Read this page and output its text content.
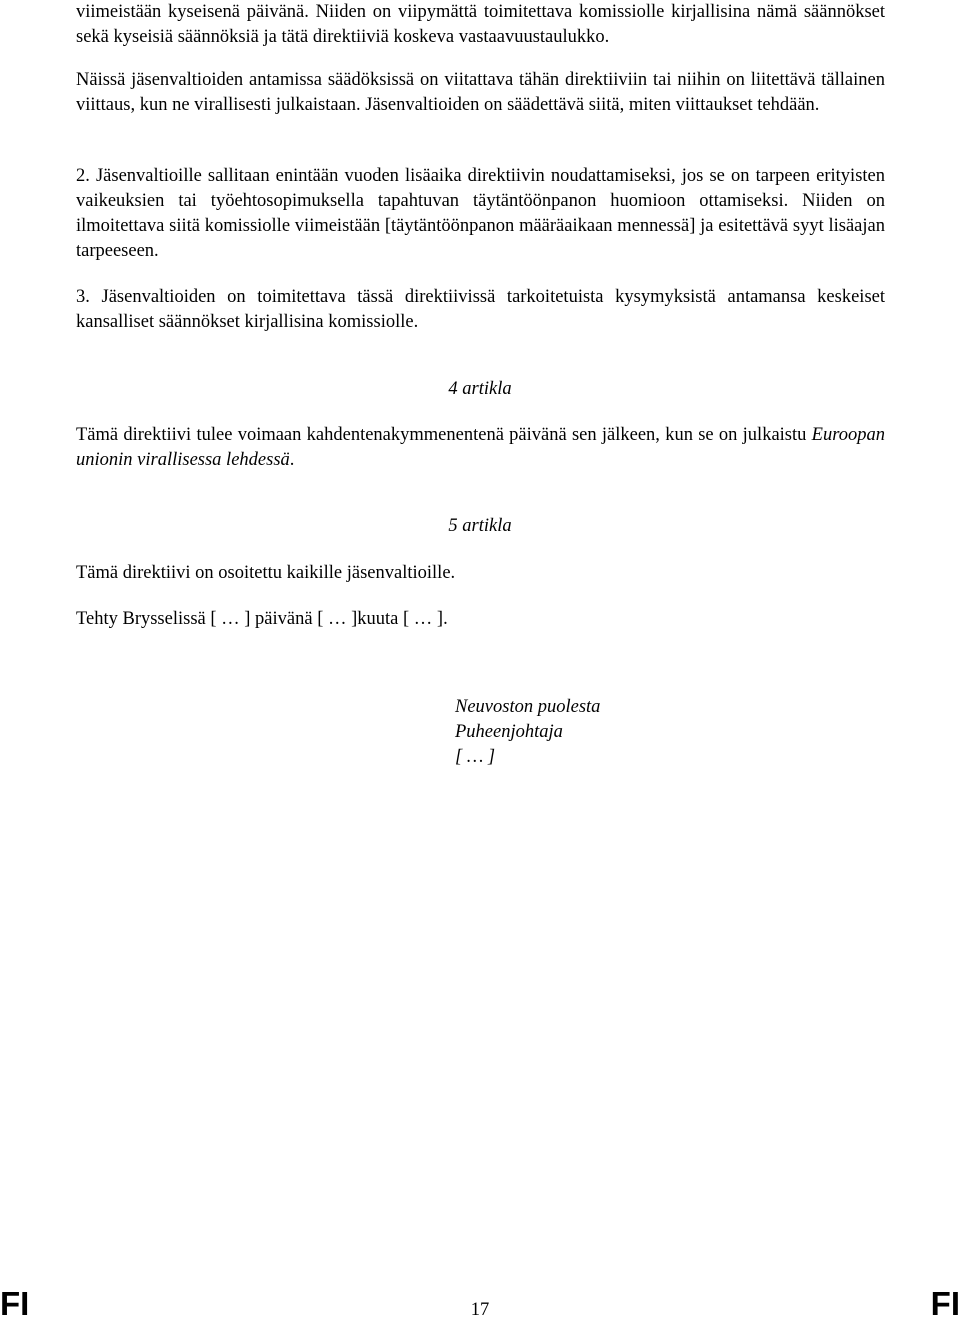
viimeistään kyseisenä päivänä. Niiden on viipymättä toimitettava komissiolle kirjallisina nämä säännökset sekä kyseisiä säännöksiä ja tätä direktiiviä koskeva vastaavuustaulukko.

Näissä jäsenvaltioiden antamissa säädöksissä on viitattava tähän direktiiviin tai niihin on liitettävä tällainen viittaus, kun ne virallisesti julkaistaan. Jäsenvaltioiden on säädettävä siitä, miten viittaukset tehdään.

2. Jäsenvaltioille sallitaan enintään vuoden lisäaika direktiivin noudattamiseksi, jos se on tarpeen erityisten vaikeuksien tai työehtosopimuksella tapahtuvan täytäntöönpanon huomioon ottamiseksi. Niiden on ilmoitettava siitä komissiolle viimeistään [täytäntöönpanon määräaikaan mennessä] ja esitettävä syyt lisäajan tarpeeseen.

3. Jäsenvaltioiden on toimitettava tässä direktiivissä tarkoitetuista kysymyksistä antamansa keskeiset kansalliset säännökset kirjallisina komissiolle.

4 artikla

Tämä direktiivi tulee voimaan kahdentenakymmenentenä päivänä sen jälkeen, kun se on julkaistu Euroopan unionin virallisessa lehdessä.

5 artikla

Tämä direktiivi on osoitettu kaikille jäsenvaltioille.

Tehty Brysselissä [ … ] päivänä [ … ]kuuta [ … ].

Neuvoston puolesta
Puheenjohtaja
[ … ]
FI	17	FI
